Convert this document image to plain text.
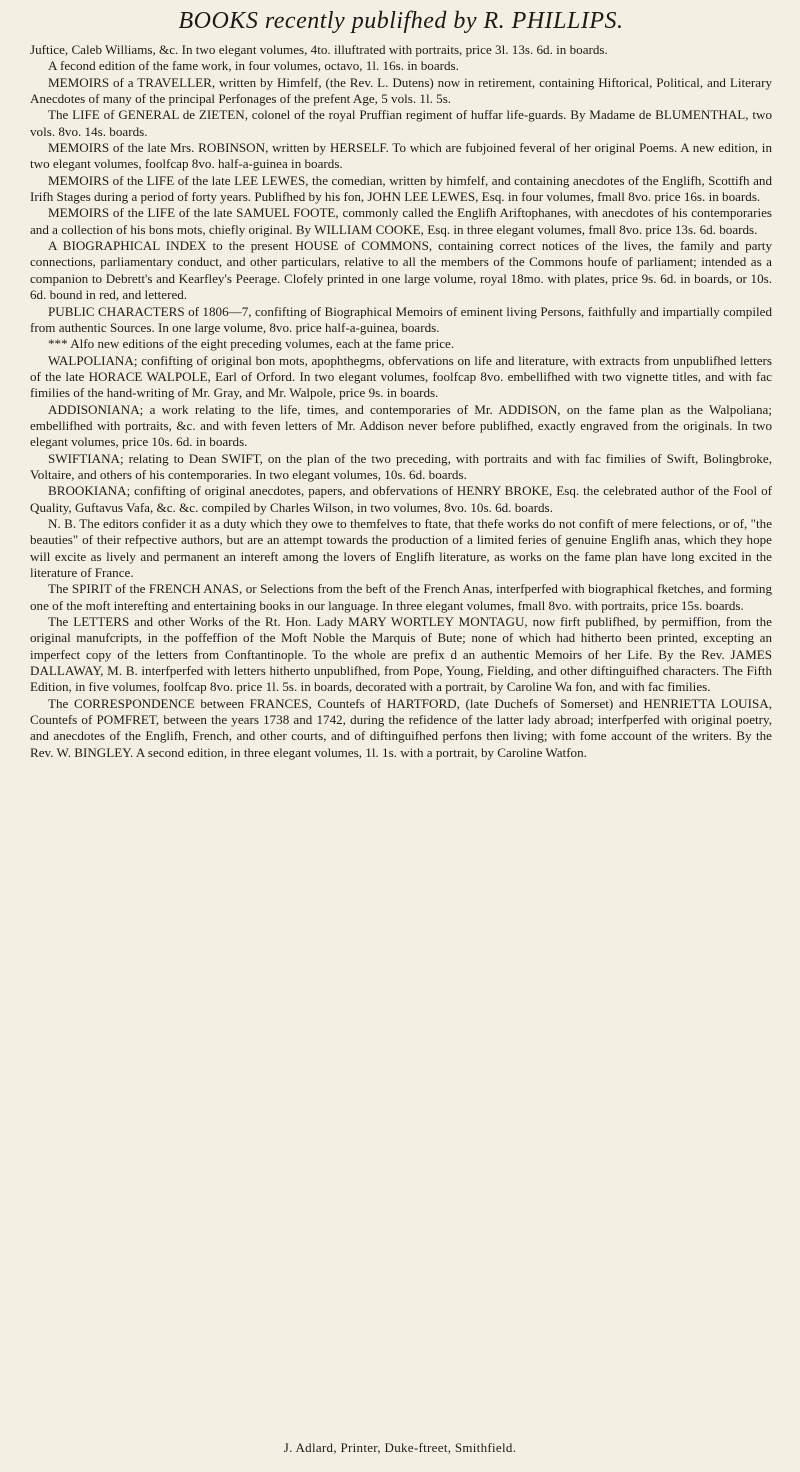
BOOKS recently publifhed by R. PHILLIPS.

Juftice, Caleb Williams, &c. In two elegant volumes, 4to. illuftrated with portraits, price 3l. 13s. 6d. in boards.

A fecond edition of the fame work, in four volumes, octavo, 1l. 16s. in boards.

MEMOIRS of a TRAVELLER, written by Himfelf, (the Rev. L. Dutens) now in retirement, containing Hiftorical, Political, and Literary Anecdotes of many of the principal Perfonages of the prefent Age, 5 vols. 1l. 5s.

The LIFE of GENERAL de ZIETEN, colonel of the royal Pruffian regiment of huffar life-guards. By Madame de BLUMENTHAL, two vols. 8vo. 14s. boards.

MEMOIRS of the late Mrs. ROBINSON, written by HERSELF. To which are fubjoined feveral of her original Poems. A new edition, in two elegant volumes, foolfcap 8vo. half-a-guinea in boards.

MEMOIRS of the LIFE of the late LEE LEWES, the comedian, written by himfelf, and containing anecdotes of the Englifh, Scottifh and Irifh Stages during a period of forty years. Publifhed by his fon, JOHN LEE LEWES, Esq. in four volumes, fmall 8vo. price 16s. in boards.

MEMOIRS of the LIFE of the late SAMUEL FOOTE, commonly called the Englifh Ariftophanes, with anecdotes of his contemporaries and a collection of his bons mots, chiefly original. By WILLIAM COOKE, Esq. in three elegant volumes, fmall 8vo. price 13s. 6d. boards.

A BIOGRAPHICAL INDEX to the present HOUSE of COMMONS, containing correct notices of the lives, the family and party connections, parliamentary conduct, and other particulars, relative to all the members of the Commons houfe of parliament; intended as a companion to Debrett's and Kearfley's Peerage. Clofely printed in one large volume, royal 18mo. with plates, price 9s. 6d. in boards, or 10s. 6d. bound in red, and lettered.

PUBLIC CHARACTERS of 1806—7, confifting of Biographical Memoirs of eminent living Persons, faithfully and impartially compiled from authentic Sources. In one large volume, 8vo. price half-a-guinea, boards.

*** Alfo new editions of the eight preceding volumes, each at the fame price.

WALPOLIANA; confifting of original bon mots, apophthegms, obfervations on life and literature, with extracts from unpublifhed letters of the late HORACE WALPOLE, Earl of Orford. In two elegant volumes, foolfcap 8vo. embellifhed with two vignette titles, and with fac fimilies of the hand-writing of Mr. Gray, and Mr. Walpole, price 9s. in boards.

ADDISONIANA; a work relating to the life, times, and contemporaries of Mr. ADDISON, on the fame plan as the Walpoliana; embellifhed with portraits, &c. and with feven letters of Mr. Addison never before publifhed, exactly engraved from the originals. In two elegant volumes, price 10s. 6d. in boards.

SWIFTIANA; relating to Dean SWIFT, on the plan of the two preceding, with portraits and with fac fimilies of Swift, Bolingbroke, Voltaire, and others of his contemporaries. In two elegant volumes, 10s. 6d. boards.

BROOKIANA; confifting of original anecdotes, papers, and obfervations of HENRY BROKE, Esq. the celebrated author of the Fool of Quality, Guftavus Vafa, &c. &c. compiled by Charles Wilson, in two volumes, 8vo. 10s. 6d. boards.

N. B. The editors confider it as a duty which they owe to themfelves to ftate, that thefe works do not confift of mere felections, or of, "the beauties" of their refpective authors, but are an attempt towards the production of a limited feries of genuine Englifh anas, which they hope will excite as lively and permanent an intereft among the lovers of Englifh literature, as works on the fame plan have long excited in the literature of France.

The SPIRIT of the FRENCH ANAS, or Selections from the beft of the French Anas, interfperfed with biographical fketches, and forming one of the moft interefting and entertaining books in our language. In three elegant volumes, fmall 8vo. with portraits, price 15s. boards.

The LETTERS and other Works of the Rt. Hon. Lady MARY WORTLEY MONTAGU, now firft publifhed, by permiffion, from the original manufcripts, in the poffeffion of the Moft Noble the Marquis of Bute; none of which had hitherto been printed, excepting an imperfect copy of the letters from Conftantinople. To the whole are prefix d an authentic Memoirs of her Life. By the Rev. JAMES DALLAWAY, M. B. interfperfed with letters hitherto unpublifhed, from Pope, Young, Fielding, and other diftinguifhed characters. The Fifth Edition, in five volumes, foolfcap 8vo. price 1l. 5s. in boards, decorated with a portrait, by Caroline Wa fon, and with fac fimilies.

The CORRESPONDENCE between FRANCES, Countefs of HARTFORD, (late Duchefs of Somerset) and HENRIETTA LOUISA, Countefs of POMFRET, between the years 1738 and 1742, during the refidence of the latter lady abroad; interfperfed with original poetry, and anecdotes of the Englifh, French, and other courts, and of diftinguifhed perfons then living; with fome account of the writers. By the Rev. W. BINGLEY. A second edition, in three elegant volumes, 1l. 1s. with a portrait, by Caroline Watfon.

J. Adlard, Printer, Duke-ftreet, Smithfield.
